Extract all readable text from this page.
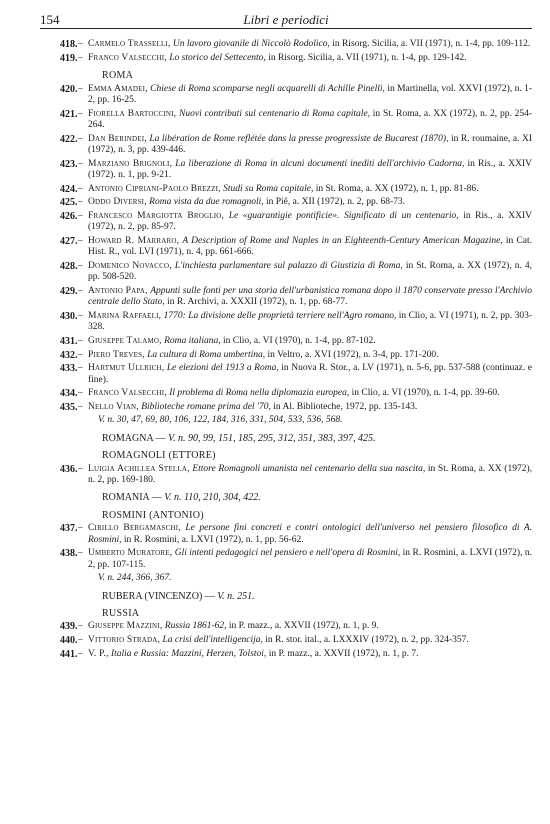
154	Libri e periodici
418. – Carmelo Trasselli, Un lavoro giovanile di Niccolò Rodolico, in Risorg. Sicilia, a. VII (1971), n. 1-4, pp. 109-112.
419. – Franco Valsecchi, Lo storico del Settecento, in Risorg. Sicilia, a. VII (1971), n. 1-4, pp. 129-142.
ROMA
420. – Emma Amadei, Chiese di Roma scomparse negli acquarelli di Achille Pinelli, in Martinella, vol. XXVI (1972), n. 1-2, pp. 16-25.
421. – Fiorella Bartoccini, Nuovi contributi sul centenario di Roma capitale, in St. Roma, a. XX (1972), n. 2, pp. 254-264.
422. – Dan Berindei, La libération de Rome reflétée dans la presse progressiste de Bucarest (1870), in R. roumaine, a. XI (1972), n. 3, pp. 439-446.
423. – Marziano Brignoli, La liberazione di Roma in alcuni documenti inediti dell'archivio Cadorna, in Ris., a. XXIV (1972). n. 1, pp. 9-21.
424. – Antonio Cipriani-Paolo Brezzi, Studi su Roma capitale, in St. Roma, a. XX (1972), n. 1, pp. 81-86.
425. – Oddo Diversi, Roma vista da due romagnoli, in Piê, a. XII (1972), n. 2, pp. 68-73.
426. – Francesco Margiotta Broglio, Le «guarantigie pontificie». Significato di un centenario, in Ris., a. XXIV (1972), n. 2, pp. 85-97.
427. – Howard R. Marraro, A Description of Rome and Naples in an Eighteenth-Century American Magazine, in Cat. Hist. R., vol. LVI (1971), n. 4, pp. 661-666.
428. – Domenico Novacco, L'inchiesta parlamentare sul palazzo di Giustizia di Roma, in St. Roma, a. XX (1972), n. 4, pp. 508-520.
429. – Antonio Papa, Appunti sulle fonti per una storia dell'urbanistica romana dopo il 1870 conservate presso l'Archivio centrale dello Stato, in R. Archivi, a. XXXII (1972), n. 1, pp. 68-77.
430. – Marina Raffaeli, 1770: La divisione delle proprietà terriere nell'Agro romano, in Clio, a. VI (1971), n. 2, pp. 303-328.
431. – Giuseppe Talamo, Roma italiana, in Clio, a. VI (1970), n. 1-4, pp. 87-102.
432. – Piero Treves, La cultura di Roma umbertina, in Veltro, a. XVI (1972), n. 3-4, pp. 171-200.
433. – Hartmut Ullrich, Le elezioni del 1913 a Roma, in Nuova R. Stor., a. LV (1971), n. 5-6, pp. 537-588 (continuaz. e fine).
434. – Franco Valsecchi, Il problema di Roma nella diplomazia europea, in Clio, a. VI (1970), n. 1-4, pp. 39-60.
435. – Nello Vian, Biblioteche romane prima del '70, in Al. Biblioteche, 1972, pp. 135-143.
V. n. 30, 47, 69, 80, 106, 122, 184, 316, 331, 504, 533, 536, 568.
ROMAGNA — V. n. 90, 99, 151, 185, 295, 312, 351, 383, 397, 425.
ROMAGNOLI (ETTORE)
436. – Luigia Achillea Stella, Ettore Romagnoli umanista nel centenario della sua nascita, in St. Roma, a. XX (1972), n. 2, pp. 169-180.
ROMANIA — V. n. 110, 210, 304, 422.
ROSMINI (ANTONIO)
437. – Cirillo Bergamaschi, Le persone fini concreti e contri ontologici dell'universo nel pensiero filosofico di A. Rosmini, in R. Rosmini, a. LXVI (1972), n. 1, pp. 56-62.
438. – Umberto Muratore, Gli intenti pedagogici nel pensiero e nell'opera di Rosmini, in R. Rosmini, a. LXVI (1972), n. 2, pp. 107-115.
V. n. 244, 366, 367.
RUBERA (VINCENZO) — V. n. 251.
RUSSIA
439. – Giuseppe Mazzini, Russia 1861-62, in P. mazz., a. XXVII (1972), n. 1, p. 9.
440. – Vittorio Strada, La crisi dell'intelligencija, in R. stor. ital., a. LXXXIV (1972), n. 2, pp. 324-357.
441. – V. P., Italia e Russia: Mazzini, Herzen, Tolstoi, in P. mazz., a. XXVII (1972), n. 1, p. 7.
